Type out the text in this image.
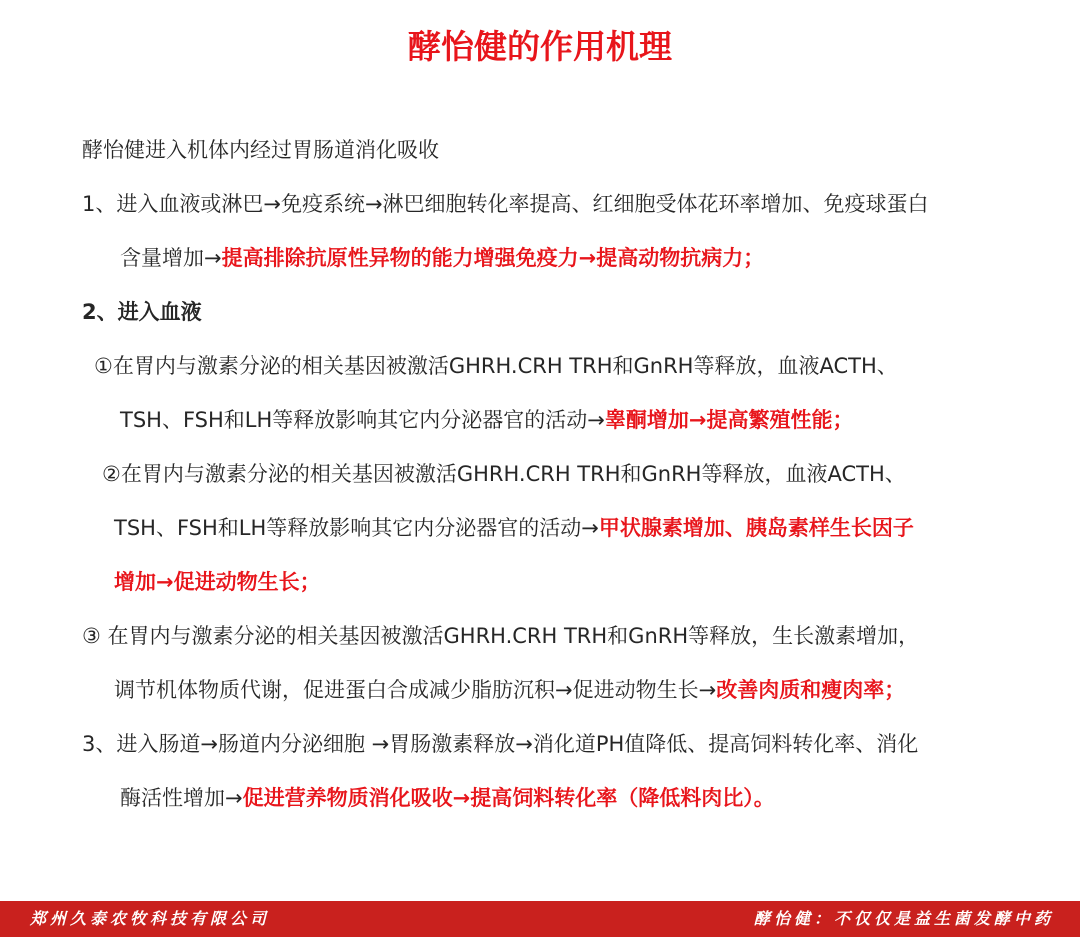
酵怡健的作用机理
酵怡健进入机体内经过胃肠道消化吸收
1、进入血液或淋巴→免疫系统→淋巴细胞转化率提高、红细胞受体花环率增加、免疫球蛋白
含量增加→提高排除抗原性异物的能力增强免疫力→提高动物抗病力；
2、进入血液
①在胃内与激素分泌的相关基因被激活GHRH.CRH TRH和GnRH等释放，血液ACTH、
TSH、FSH和LH等释放影响其它内分泌器官的活动→睾酮增加→提高繁殖性能；
②在胃内与激素分泌的相关基因被激活GHRH.CRH TRH和GnRH等释放，血液ACTH、
TSH、FSH和LH等释放影响其它内分泌器官的活动→甲状腺素增加、胰岛素样生长因子
增加→促进动物生长；
③ 在胃内与激素分泌的相关基因被激活GHRH.CRH TRH和GnRH等释放，生长激素增加，
调节机体物质代谢，促进蛋白合成减少脂肪沉积→促进动物生长→改善肉质和瘦肉率；
3、进入肠道→肠道内分泌细胞 →胃肠激素释放→消化道PH值降低、提高饲料转化率、消化
酶活性增加→促进营养物质消化吸收→提高饲料转化率（降低料肉比）。
郑州久泰农牧科技有限公司	酵怡健：不仅仅是益生菌发酵中药
